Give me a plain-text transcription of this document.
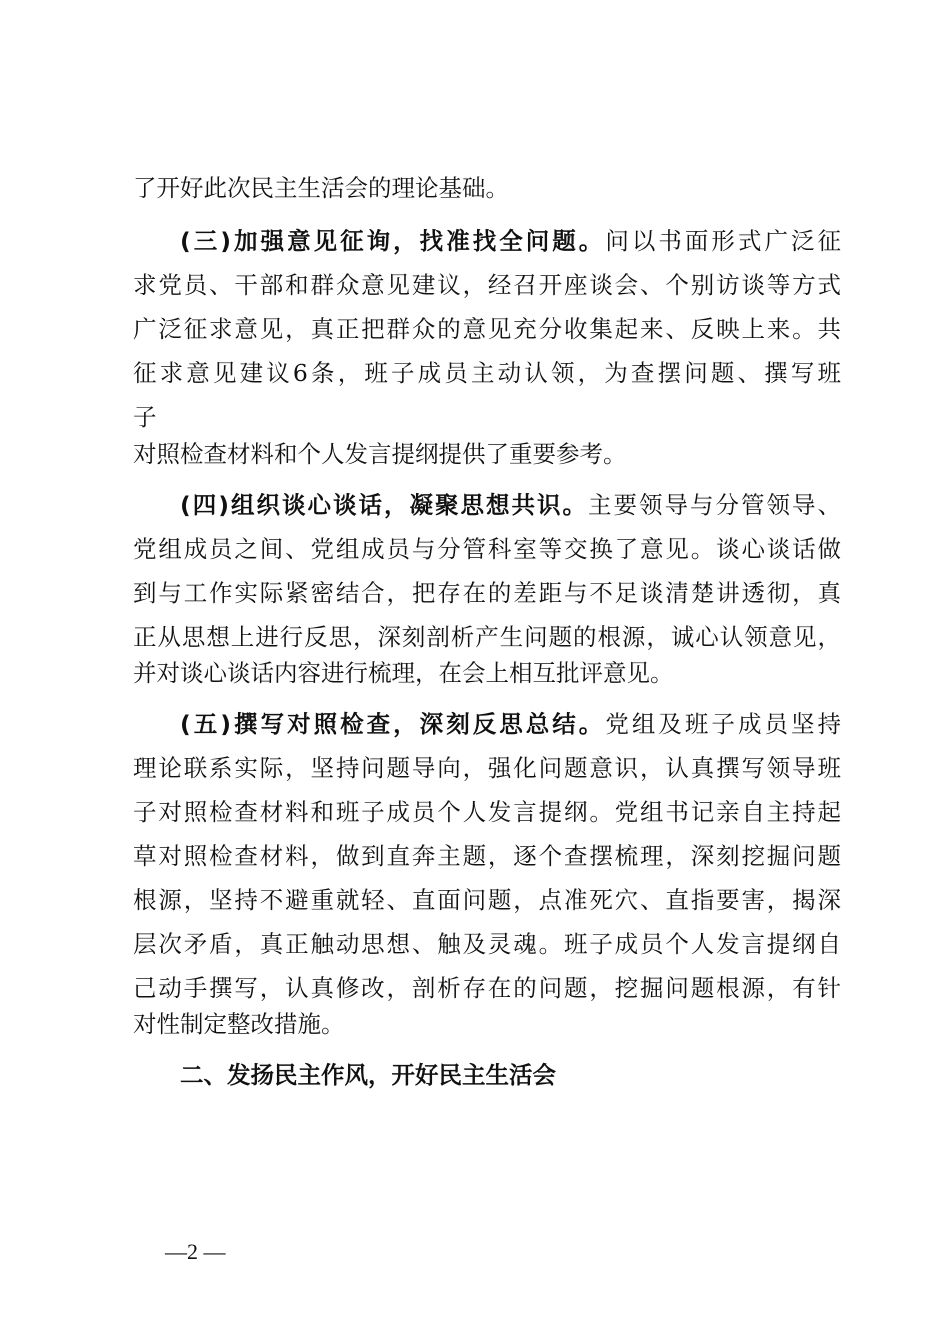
了开好此次民主生活会的理论基础。
(三)加强意见征询，找准找全问题。问以书面形式广泛征
求党员、干部和群众意见建议，经召开座谈会、个别访谈等方式
广泛征求意见，真正把群众的意见充分收集起来、反映上来。共
征求意见建议6条，班子成员主动认领，为查摆问题、撰写班
子
对照检查材料和个人发言提纲提供了重要参考。
(四)组织谈心谈话，凝聚思想共识。主要领导与分管领导、
党组成员之间、党组成员与分管科室等交换了意见。谈心谈话做
到与工作实际紧密结合，把存在的差距与不足谈清楚讲透彻，真
正从思想上进行反思，深刻剖析产生问题的根源，诚心认领意见，
并对谈心谈话内容进行梳理，在会上相互批评意见。
(五)撰写对照检查，深刻反思总结。党组及班子成员坚持
理论联系实际，坚持问题导向，强化问题意识，认真撰写领导班
子对照检查材料和班子成员个人发言提纲。党组书记亲自主持起
草对照检查材料，做到直奔主题，逐个查摆梳理，深刻挖掘问题
根源，坚持不避重就轻、直面问题，点准死穴、直指要害，揭深
层次矛盾，真正触动思想、触及灵魂。班子成员个人发言提纲自
己动手撰写，认真修改，剖析存在的问题，挖掘问题根源，有针
对性制定整改措施。
二、发扬民主作风，开好民主生活会
—2 —
